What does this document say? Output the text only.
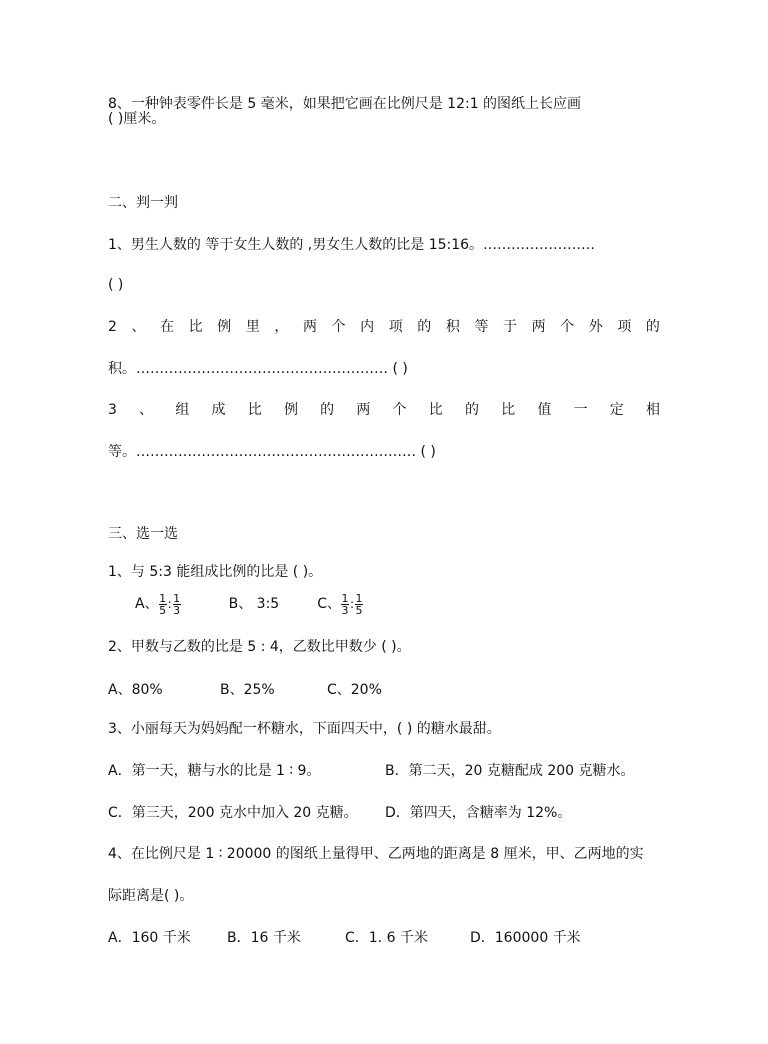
8、一种钟表零件长是 5 毫米，如果把它画在比例尺是 12:1 的图纸上长应画
( )厘米。
二、判一判
1、男生人数的 等于女生人数的 ,男女生人数的比是 15:16。……………………
( )
2 、 在 比 例 里 ， 两 个 内 项 的 积 等 于 两 个 外 项 的
积。……………………………………………… ( )
3 、 组 成 比 例 的 两 个 比 的 比 值 一 定 相
等。…………………………………………………… ( )
三、选一选
1、与 5:3 能组成比例的比是 ( )。
A、 $\frac{1}{5}$ : $\frac{1}{3}$	B、 3:5	C、 $\frac{1}{3}$ : $\frac{1}{5}$
2、甲数与乙数的比是 5 : 4，乙数比甲数少 ( )。
A、80%	B、25%	C、20%
3、小丽每天为妈妈配一杯糖水，下面四天中，( ) 的糖水最甜。
A．第一天，糖与水的比是 1 ∶ 9。	B．第二天，20 克糖配成 200 克糖水。
C．第三天，200 克水中加入 20 克糖。 D．第四天，含糖率为 12%。
4、在比例尺是 1 ∶ 20000 的图纸上量得甲、乙两地的距离是 8 厘米，甲、乙两地的实
际距离是( )。
A．160 千米	B．16 千米	C．1. 6 千米	D．160000 千米
